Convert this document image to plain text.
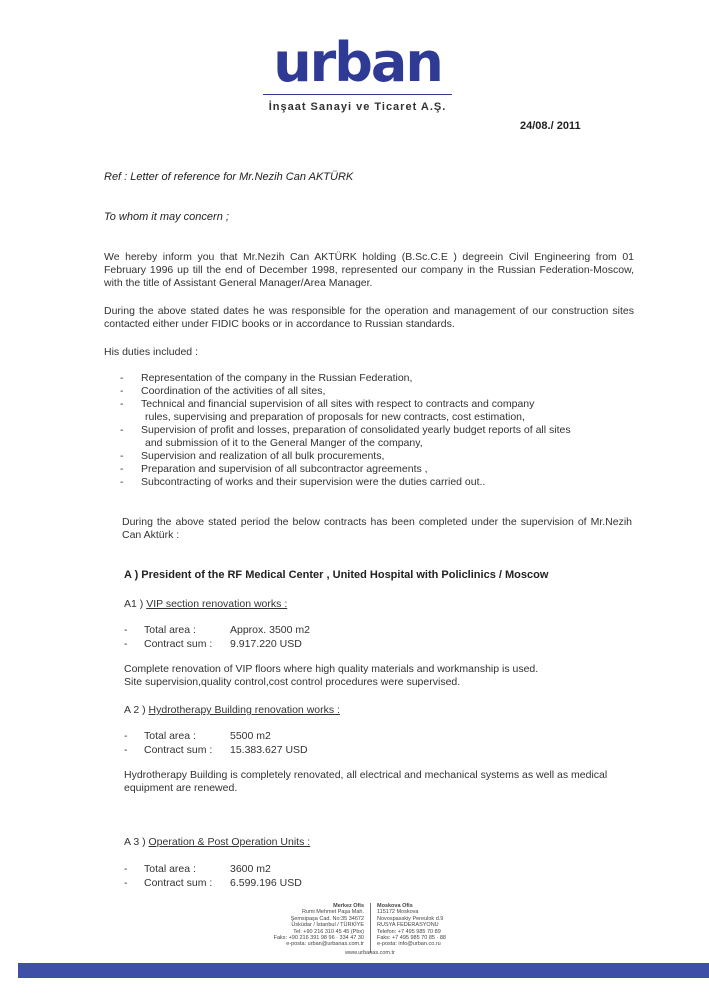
urban
İnşaat Sanayi ve Ticaret A.Ş.
24/08./ 2011
Ref : Letter of reference for Mr.Nezih Can AKTÜRK
To whom it may concern ;
We hereby inform you that Mr.Nezih Can AKTÜRK holding (B.Sc.C.E ) degreein Civil Engineering from 01 February 1996 up till the end of December 1998, represented our company in the Russian Federation-Moscow, with the title of Assistant General Manager/Area Manager.
During the above stated dates he was responsible for the operation and management of our construction sites contacted either under FIDIC books or in accordance to Russian standards.
His duties included :
- Representation of the company in the Russian Federation,
- Coordination of the activities of all sites,
- Technical and financial supervision of all sites with respect to contracts and company
rules, supervising and preparation of proposals for new contracts, cost estimation,
- Supervision of profit and losses, preparation of consolidated yearly budget reports of all sites
and submission of it to the General Manger of the company,
- Supervision and realization of all bulk procurements,
- Preparation and supervision of all subcontractor agreements ,
- Subcontracting of works and their supervision were the duties carried out..
During the above stated period the below contracts has been completed under the supervision of Mr.Nezih Can Aktürk :
A ) President of the RF Medical Center , United Hospital with Policlinics / Moscow
A1 ) VIP section renovation works :
- Total area :	Approx. 3500 m2
- Contract sum : 9.917.220 USD
Complete renovation of VIP floors where high quality materials and workmanship is used.
Site supervision,quality control,cost control procedures were supervised.
A 2 ) Hydrotherapy Building renovation works :
- Total area :	5500 m2
-Contract sum : 15.383.627 USD
Hydrotherapy Building is completely renovated, all electrical and mechanical systems as well as medical equipment are renewed.
A 3 ) Operation & Post Operation Units :
- Total area :	3600 m2
- Contract sum : 6.599.196 USD
Merkez Ofis
Rumi Mehmet Paşa Mah.
Şemsipaşa Cad. No:35 34672
Üsküdar / İstanbul / TÜRKİYE
Tel: +90 216 310 45 45 (Pbx)
Faks: +90 216 391 98 96 · 334 47 30
e-posta: urban@urbanas.com.tr
Moskova Ofis
115172 Moskova
Novospasskiy Pereulok d.9
RUSYA FEDERASYONU
Telefon: +7 495 985 70 89
Faks: +7 495 985 70 85 · 88
e-posta: info@urban.co.ru
www.urbanas.com.tr
